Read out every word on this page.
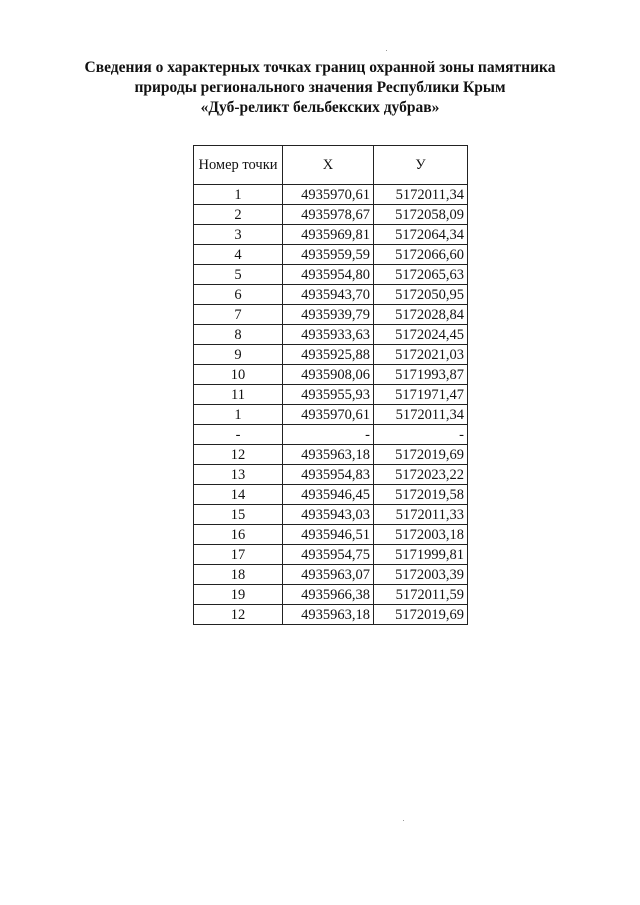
Сведения о характерных точках границ охранной зоны памятника
природы регионального значения Республики Крым
«Дуб-реликт бельбекских дубрав»
Номер точки	Х	У
1	4935970,61	5172011,34
2	4935978,67	5172058,09
3	4935969,81	5172064,34
4	4935959,59	5172066,60
5	4935954,80	5172065,63
6	4935943,70	5172050,95
7	4935939,79	5172028,84
8	4935933,63	5172024,45
9	4935925,88	5172021,03
10	4935908,06	5171993,87
11	4935955,93	5171971,47
1	4935970,61	5172011,34
-	-	-
12	4935963,18	5172019,69
13	4935954,83	5172023,22
14	4935946,45	5172019,58
15	4935943,03	5172011,33
16	4935946,51	5172003,18
17	4935954,75	5171999,81
18	4935963,07	5172003,39
19	4935966,38	5172011,59
12	4935963,18	5172019,69
